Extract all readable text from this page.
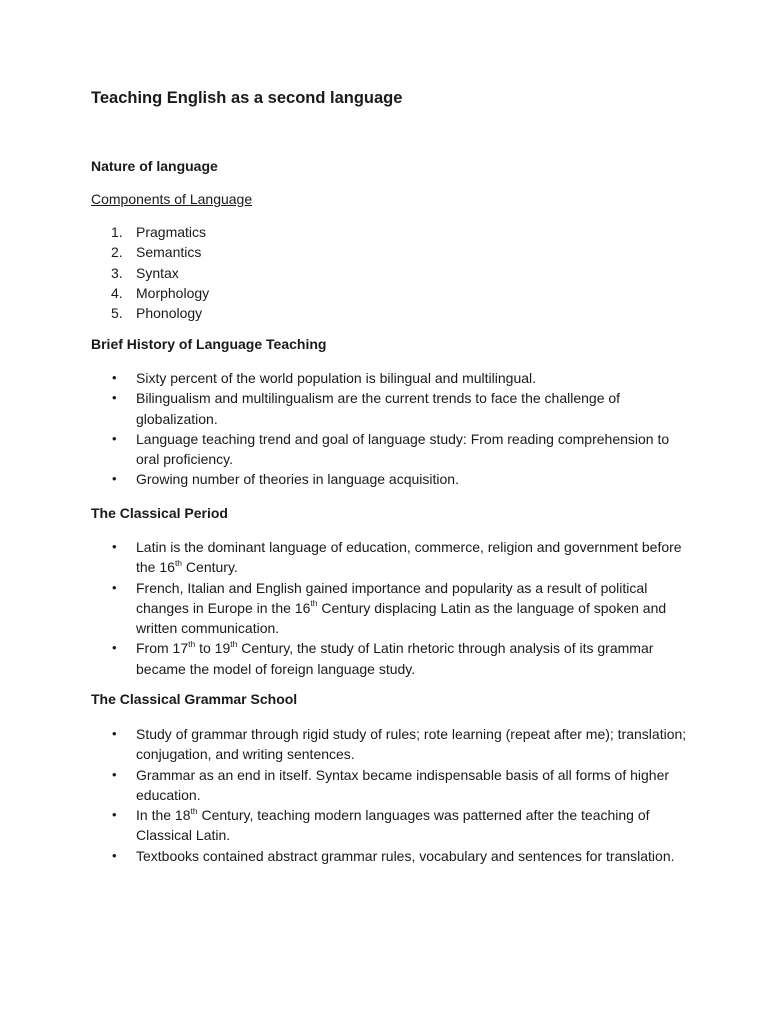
Teaching English as a second language
Nature of language
Components of Language
1. Pragmatics
2. Semantics
3. Syntax
4. Morphology
5. Phonology
Brief History of Language Teaching
• Sixty percent of the world population is bilingual and multilingual.
• Bilingualism and multilingualism are the current trends to face the challenge of globalization.
• Language teaching trend and goal of language study: From reading comprehension to oral proficiency.
• Growing number of theories in language acquisition.
The Classical Period
• Latin is the dominant language of education, commerce, religion and government before the 16th Century.
• French, Italian and English gained importance and popularity as a result of political changes in Europe in the 16th Century displacing Latin as the language of spoken and written communication.
• From 17th to 19th Century, the study of Latin rhetoric through analysis of its grammar became the model of foreign language study.
The Classical Grammar School
• Study of grammar through rigid study of rules; rote learning (repeat after me); translation; conjugation, and writing sentences.
• Grammar as an end in itself. Syntax became indispensable basis of all forms of higher education.
• In the 18th Century, teaching modern languages was patterned after the teaching of Classical Latin.
• Textbooks contained abstract grammar rules, vocabulary and sentences for translation.
